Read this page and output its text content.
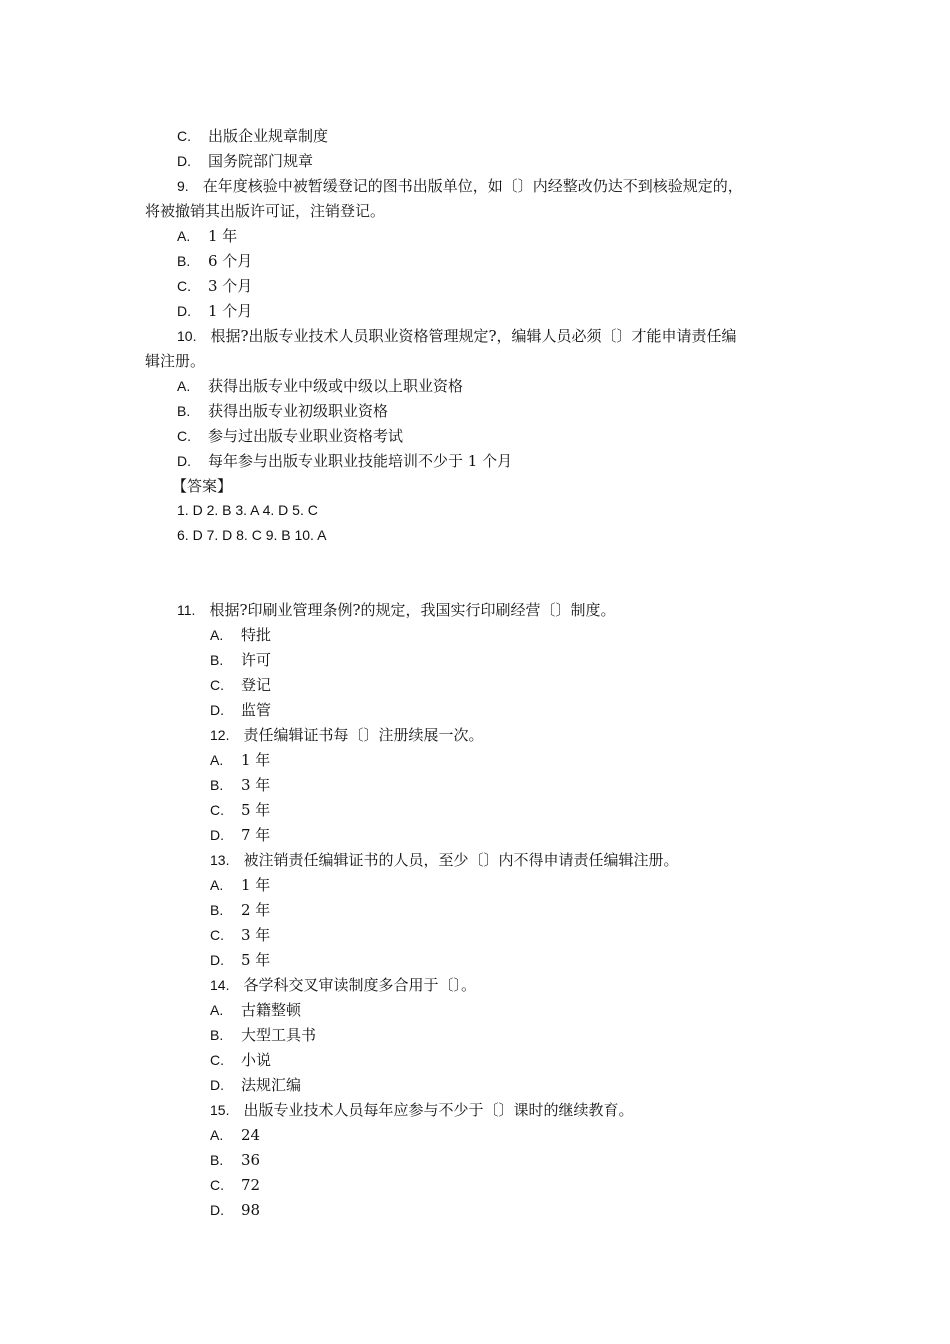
C. 出版企业规章制度
D. 国务院部门规章
9. 在年度核验中被暂缓登记的图书出版单位，如〔〕内经整改仍达不到核验规定的，
将被撤销其出版许可证，注销登记。
A. 1 年
B. 6 个月
C. 3 个月
D. 1 个月
10. 根据?出版专业技术人员职业资格管理规定?，编辑人员必须〔〕才能申请责任编
辑注册。
A. 获得出版专业中级或中级以上职业资格
B. 获得出版专业初级职业资格
C. 参与过出版专业职业资格考试
D. 每年参与出版专业职业技能培训不少于 1 个月
【答案】
1. D 2. B 3. A 4. D 5. C
6. D 7. D 8. C 9. B 10. A
11. 根据?印刷业管理条例?的规定，我国实行印刷经营〔〕制度。
A. 特批
B. 许可
C. 登记
D. 监管
12. 责任编辑证书每〔〕注册续展一次。
A. 1 年
B. 3 年
C. 5 年
D. 7 年
13. 被注销责任编辑证书的人员，至少〔〕内不得申请责任编辑注册。
A. 1 年
B. 2 年
C. 3 年
D. 5 年
14. 各学科交叉审读制度多合用于〔〕。
A. 古籍整顿
B. 大型工具书
C. 小说
D. 法规汇编
15. 出版专业技术人员每年应参与不少于〔〕课时的继续教育。
A. 24
B. 36
C. 72
D. 98
